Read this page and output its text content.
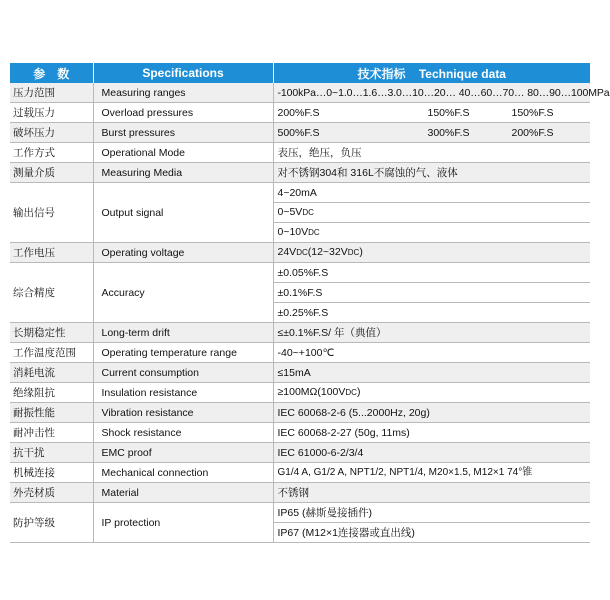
参　数	Specifications	技术指标 Technique data
压力范围	Measuring ranges	-100kPa…0~1.0…1.6…3.0…10…20… 40…60…70… 80…90…100MPa
过载压力	Overload pressures	200%F.S 150%F.S 150%F.S

破坏压力	Burst pressures	500%F.S 300%F.S 200%F.S

工作方式	Operational Mode	表压，绝压，负压
测量介质	Measuring Media	对不锈钢304和 316L不腐蚀的气、液体
输出信号	Output signal	4~20mA
		0~5VDC
		0~10VDC
工作电压	Operating voltage	24VDC(12~32VDC)
综合精度	Accuracy	±0.05%F.S
		±0.1%F.S
		±0.25%F.S
长期稳定性	Long-term drift	≤±0.1%F.S/ 年（典值）
工作温度范围	Operating temperature range	-40~+100℃
消耗电流	Current consumption	≤15mA
绝缘阻抗	Insulation resistance	≥100MΩ(100VDC)
耐振性能	Vibration resistance	IEC 60068-2-6 (5...2000Hz, 20g)
耐冲击性	Shock resistance	IEC 60068-2-27 (50g, 11ms)
抗干扰	EMC proof	IEC 61000-6-2/3/4
机械连接	Mechanical connection	G1/4 A, G1/2 A, NPT1/2, NPT1/4, M20×1.5, M12×1 74°锥
外壳材质	Material	不锈钢
防护等级	IP protection	IP65 (赫斯曼接插件)
		IP67 (M12×1连接器或直出线)
